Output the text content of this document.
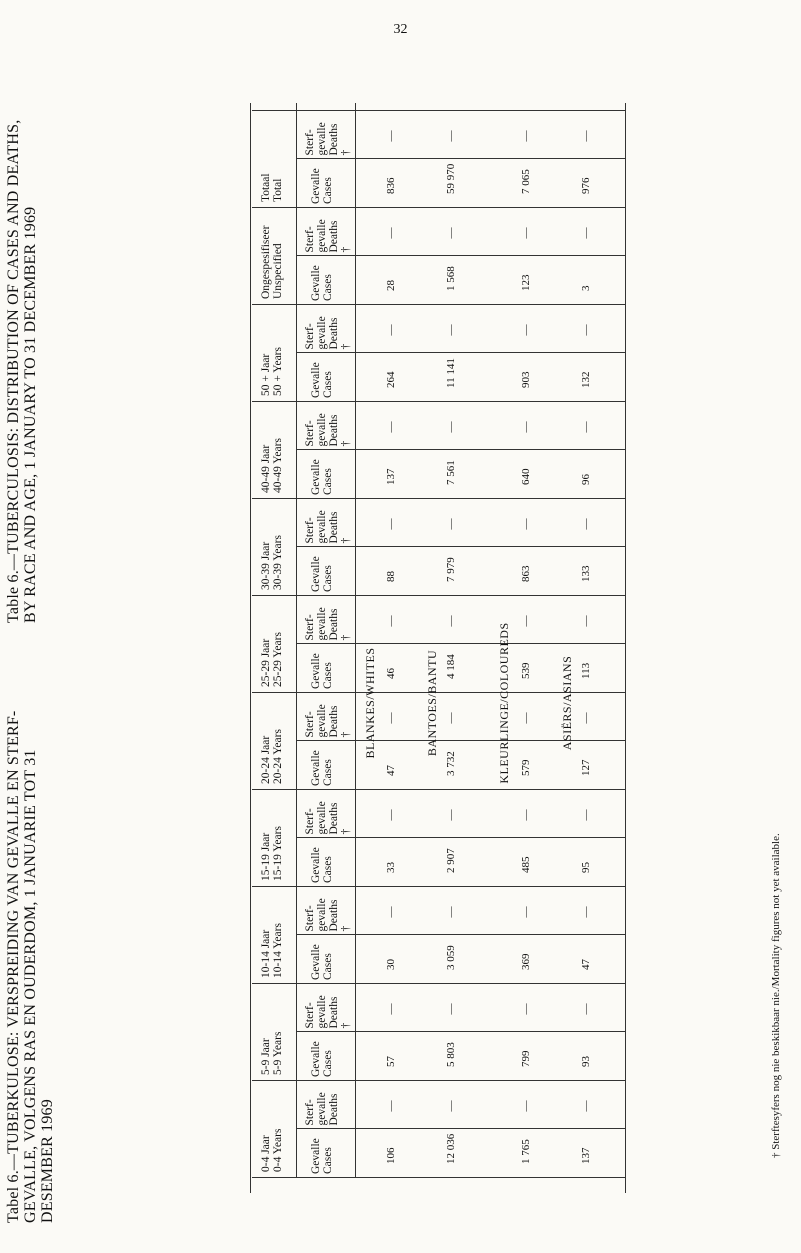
32
Tabel 6.—TUBERKULOSE: VERSPREIDING VAN GEVALLE EN STERF- GEVALLE, VOLGENS RAS EN OUDERDOM, 1 JANUARIE TOT 31 DESEMBER 1969
Table 6.—TUBERCULOSIS: DISTRIBUTION OF CASES AND DEATHS, BY RACE AND AGE, 1 JANUARY TO 31 DECEMBER 1969
0-4 Jaar 0-4 Years Gevalle Cases
Sterf- gevalle Deaths
5-9 Jaar 5-9 Years Gevalle Cases
Sterf- gevalle Deaths †
10-14 Jaar 10-14 Years Gevalle Cases
Sterf- gevalle Deaths †
15-19 Jaar 15-19 Years Gevalle Cases
Sterf- gevalle Deaths †
20-24 Jaar 20-24 Years Gevalle Cases
Sterf- gevalle Deaths †
25-29 Jaar 25-29 Years Gevalle Cases
Sterf- gevalle Deaths †
30-39 Jaar 30-39 Years Gevalle Cases
Sterf- gevalle Deaths †
40-49 Jaar 40-49 Years Gevalle Cases
Sterf- gevalle Deaths †
50 + Jaar 50 + Years Gevalle Cases
Sterf- gevalle Deaths †
Ongespesifiseer Unspecified Gevalle Cases
Sterf- gevalle Deaths †
Totaal Total Gevalle Cases
Sterf- gevalle Deaths †
BLANKES/WHITES
106
—
57
—
30
—
33
—
47
—
46
—
88
—
137
—
264
—
28
—
836
—
BANTOES/BANTU
12 036
—
5 803
—
3 059
—
2 907
—
3 732
—
4 184
—
7 979
—
7 561
—
11 141
—
1 568
—
59 970
—
KLEURLINGE/COLOUREDS
1 765
—
799
—
369
—
485
—
579
—
539
—
863
—
640
—
903
—
123
—
7 065
—
ASIËRS/ASIANS
137
—
93
—
47
—
95
—
127
—
113
—
133
—
96
—
132
—
3
—
976
—
† Sterftesyfers nog nie beskikbaar nie./Mortality figures not yet available.
